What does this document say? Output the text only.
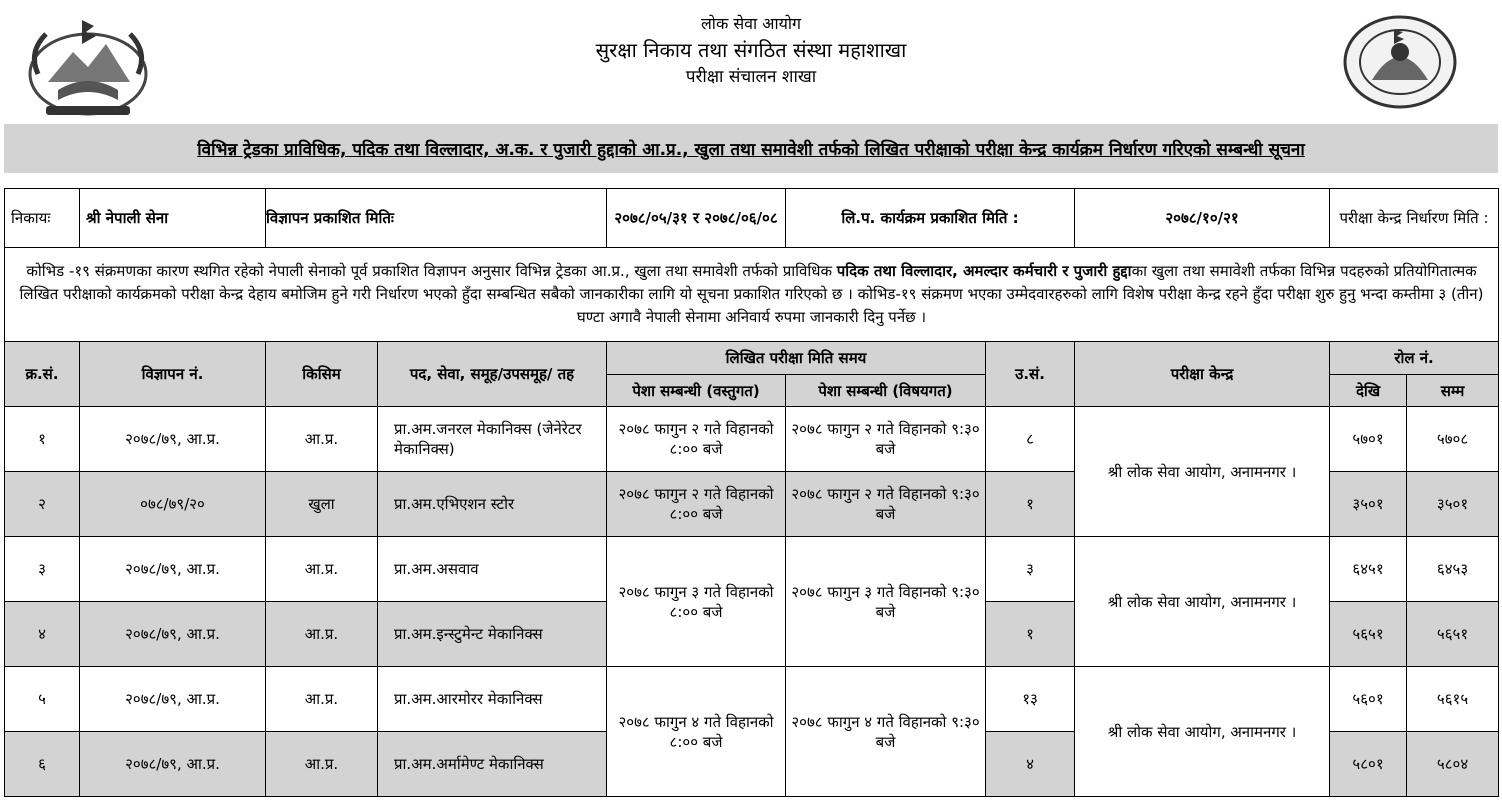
लोक सेवा आयोग
सुरक्षा निकाय तथा संगठित संस्था महाशाखा
परीक्षा संचालन शाखा
विभिन्न ट्रेडका प्राविधिक, पदिक तथा विल्लादार, अ.क. र पुजारी हुद्दाको आ.प्र., खुला तथा समावेशी तर्फको लिखित परीक्षाको परीक्षा केन्द्र कार्यक्रम निर्धारण गरिएको सम्बन्धी सूचना
निकायः	श्री नेपाली सेना	विज्ञापन प्रकाशित मितिः		२०७८/०५/३१ र २०७८/०६/०८	लि.प. कार्यक्रम प्रकाशित मिति :		२०७८/१०/२१	परीक्षा केन्द्र निर्धारण मिति :	
कोभिड -१९ संक्रमणका कारण स्थगित रहेको नेपाली सेनाको पूर्व प्रकाशित विज्ञापन अनुसार विभिन्न ट्रेडका आ.प्र., खुला तथा समावेशी तर्फको प्राविधिक पदिक तथा विल्लादार, अमल्दार कर्मचारी र पुजारी हुद्दाका खुला तथा समावेशी तर्फका विभिन्न पदहरुको प्रतियोगितात्मक लिखित परीक्षाको कार्यक्रमको परीक्षा केन्द्र देहाय बमोजिम हुने गरी निर्धारण भएको हुँदा सम्बन्धित सबैको जानकारीका लागि यो सूचना प्रकाशित गरिएको छ । कोभिड-१९ संक्रमण भएका उम्मेदवारहरुको लागि विशेष परीक्षा केन्द्र रहने हुँदा परीक्षा शुरु हुनु भन्दा कम्तीमा ३ (तीन) घण्टा अगावै नेपाली सेनामा अनिवार्य रुपमा जानकारी दिनु पर्नेछ ।									
क्र.सं.	विज्ञापन नं.	किसिम	पद, सेवा, समूह/उपसमूह/ तह	लिखित परीक्षा मिति समय		उ.सं.	परीक्षा केन्द्र	रोल नं.	
				पेशा सम्बन्धी (वस्तुगत)	पेशा सम्बन्धी (विषयगत)			देखि	सम्म
१	२०७८/७९, आ.प्र.	आ.प्र.	प्रा.अम.जनरल मेकानिक्स (जेनेरेटर मेकानिक्स)	२०७८ फागुन २ गते विहानको ८:०० बजे	२०७८ फागुन २ गते विहानको ९:३० बजे	८	श्री लोक सेवा आयोग, अनामनगर ।	५७०१	५७०८
२	०७८/७९/२०	खुला	प्रा.अम.एभिएशन स्टोर	२०७८ फागुन २ गते विहानको ८:०० बजे	२०७८ फागुन २ गते विहानको ९:३० बजे	१		३५०१	३५०१
३	२०७८/७९, आ.प्र.	आ.प्र.	प्रा.अम.असवाव	२०७८ फागुन ३ गते विहानको ८:०० बजे	२०७८ फागुन ३ गते विहानको ९:३० बजे	३	श्री लोक सेवा आयोग, अनामनगर ।	६४५१	६४५३
४	२०७८/७९, आ.प्र.	आ.प्र.	प्रा.अम.इन्स्टुमेन्ट मेकानिक्स			१		५६५१	५६५१
५	२०७८/७९, आ.प्र.	आ.प्र.	प्रा.अम.आरमोरर मेकानिक्स	२०७८ फागुन ४ गते विहानको ८:०० बजे	२०७८ फागुन ४ गते विहानको ९:३० बजे	१३	श्री लोक सेवा आयोग, अनामनगर ।	५६०१	५६१५
६	२०७८/७९, आ.प्र.	आ.प्र.	प्रा.अम.अर्मामेण्ट मेकानिक्स			४		५८०१	५८०४
